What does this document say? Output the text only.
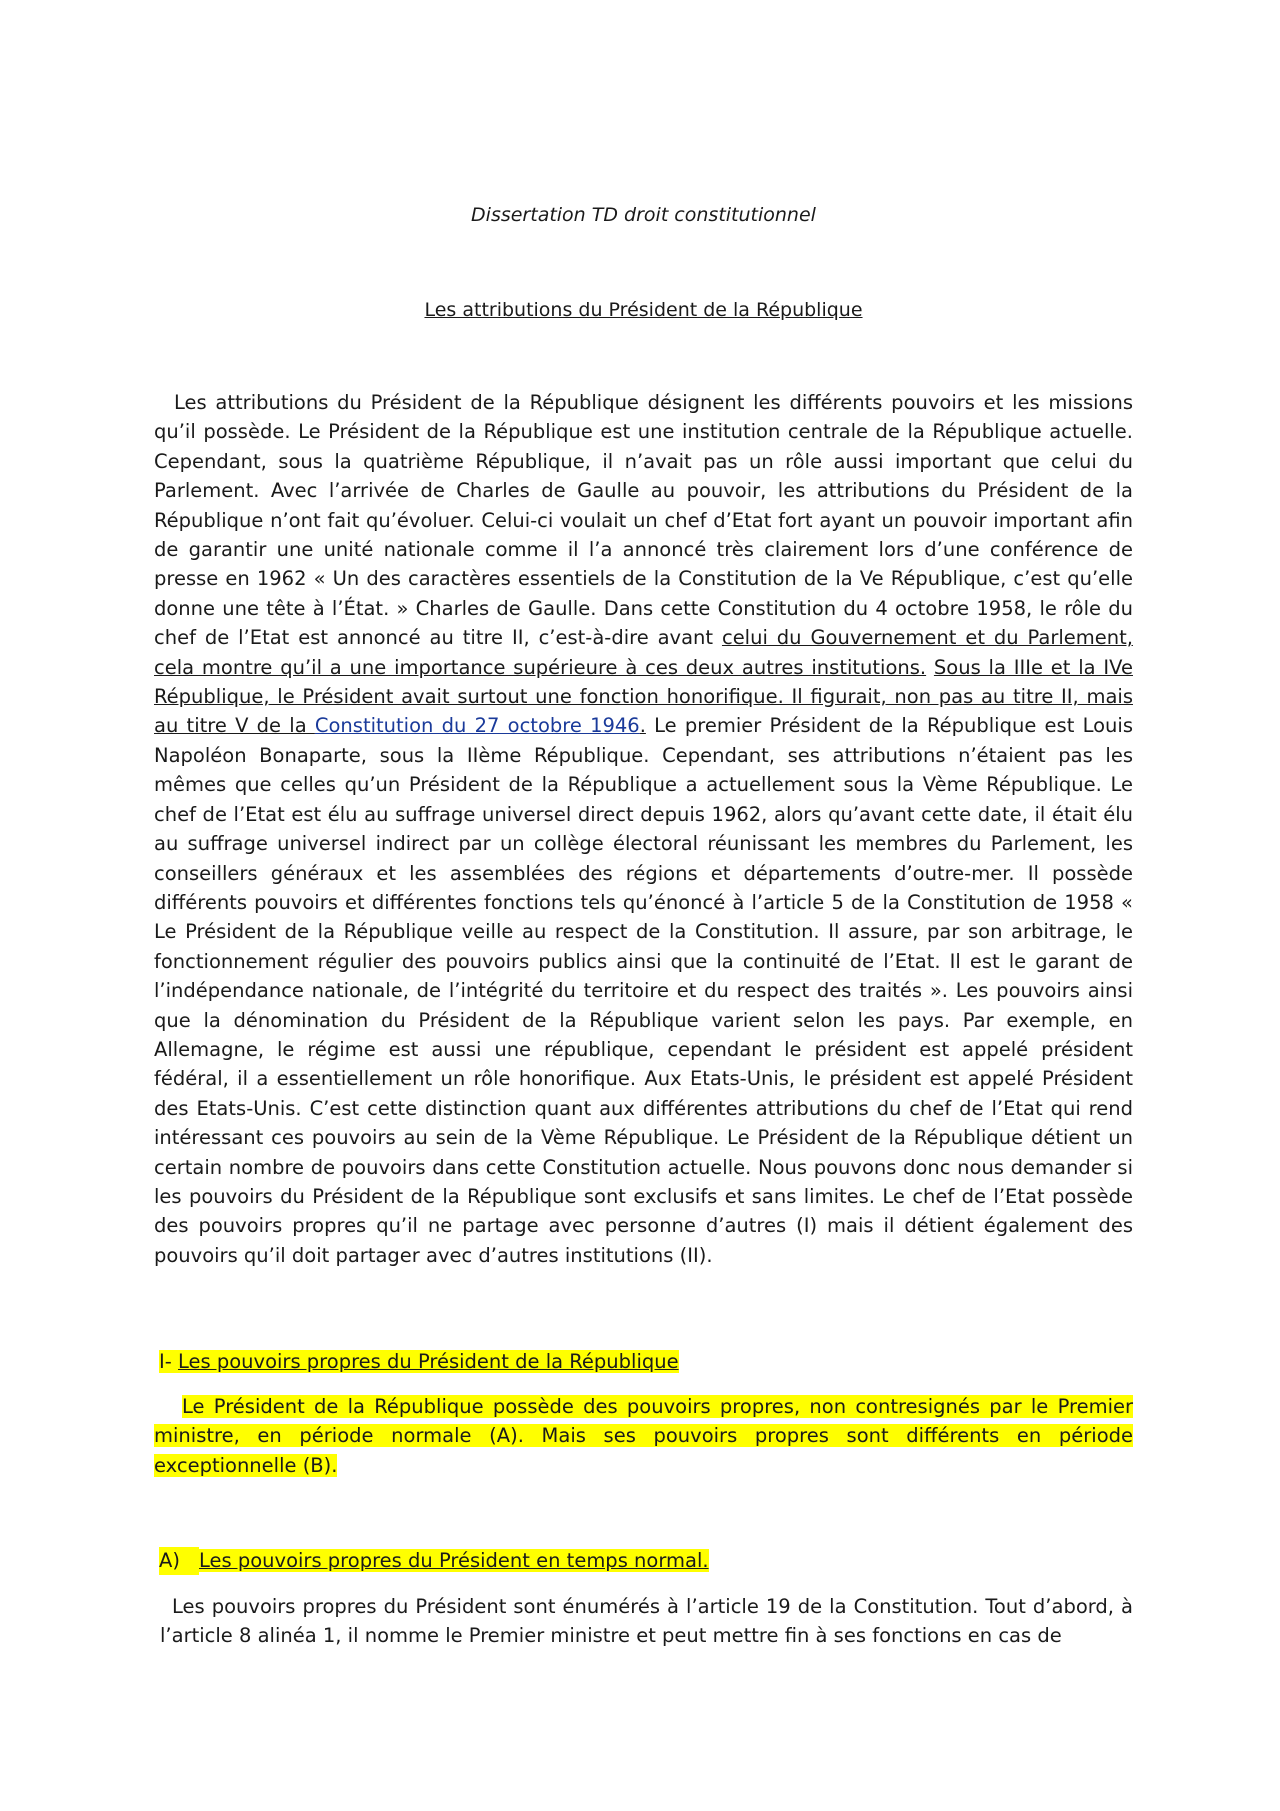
Dissertation TD droit constitutionnel
Les attributions du Président de la République
Les attributions du Président de la République désignent les différents pouvoirs et les missions qu’il possède. Le Président de la République est une institution centrale de la République actuelle. Cependant, sous la quatrième République, il n’avait pas un rôle aussi important que celui du Parlement. Avec l’arrivée de Charles de Gaulle au pouvoir, les attributions du Président de la République n’ont fait qu’évoluer. Celui-ci voulait un chef d’Etat fort ayant un pouvoir important afin de garantir une unité nationale comme il l’a annoncé très clairement lors d’une conférence de presse en 1962 « Un des caractères essentiels de la Constitution de la Ve République, c’est qu’elle donne une tête à l’État. » Charles de Gaulle. Dans cette Constitution du 4 octobre 1958, le rôle du chef de l’Etat est annoncé au titre II, c’est-à-dire avant celui du Gouvernement et du Parlement, cela montre qu’il a une importance supérieure à ces deux autres institutions. Sous la IIIe et la IVe République, le Président avait surtout une fonction honorifique. Il figurait, non pas au titre II, mais au titre V de la Constitution du 27 octobre 1946. Le premier Président de la République est Louis Napoléon Bonaparte, sous la IIème République. Cependant, ses attributions n’étaient pas les mêmes que celles qu’un Président de la République a actuellement sous la Vème République. Le chef de l’Etat est élu au suffrage universel direct depuis 1962, alors qu’avant cette date, il était élu au suffrage universel indirect par un collège électoral réunissant les membres du Parlement, les conseillers généraux et les assemblées des régions et départements d’outre-mer. Il possède différents pouvoirs et différentes fonctions tels qu’énoncé à l’article 5 de la Constitution de 1958 « Le Président de la République veille au respect de la Constitution. Il assure, par son arbitrage, le fonctionnement régulier des pouvoirs publics ainsi que la continuité de l’Etat. Il est le garant de l’indépendance nationale, de l’intégrité du territoire et du respect des traités ». Les pouvoirs ainsi que la dénomination du Président de la République varient selon les pays. Par exemple, en Allemagne, le régime est aussi une république, cependant le président est appelé président fédéral, il a essentiellement un rôle honorifique. Aux Etats-Unis, le président est appelé Président des Etats-Unis. C’est cette distinction quant aux différentes attributions du chef de l’Etat qui rend intéressant ces pouvoirs au sein de la Vème République. Le Président de la République détient un certain nombre de pouvoirs dans cette Constitution actuelle. Nous pouvons donc nous demander si les pouvoirs du Président de la République sont exclusifs et sans limites. Le chef de l’Etat possède des pouvoirs propres qu’il ne partage avec personne d’autres (I) mais il détient également des pouvoirs qu’il doit partager avec d’autres institutions (II).
I- Les pouvoirs propres du Président de la République
Le Président de la République possède des pouvoirs propres, non contresignés par le Premier ministre, en période normale (A). Mais ses pouvoirs propres sont différents en période exceptionnelle (B).
A) Les pouvoirs propres du Président en temps normal.
Les pouvoirs propres du Président sont énumérés à l’article 19 de la Constitution. Tout d’abord, à l’article 8 alinéa 1, il nomme le Premier ministre et peut mettre fin à ses fonctions en cas de
